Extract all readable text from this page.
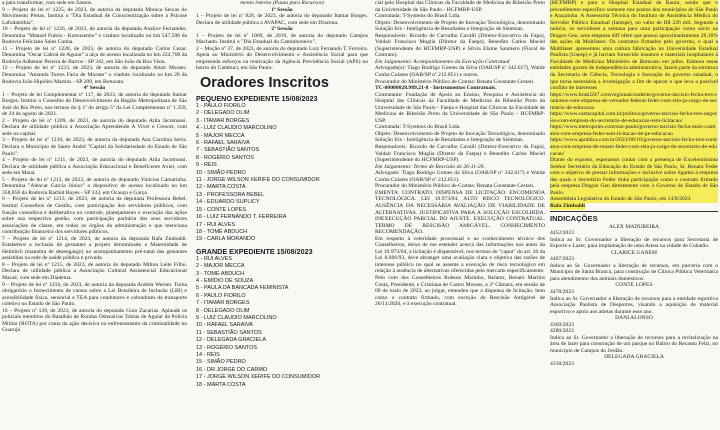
a para transformar, com sede em Santos.

9 – Projeto de lei nº 1225, de 2023, de autoria da deputada Monica Seixas do Movimento Pretas. Institui o "Dia Estadual de Conscientização sobre a Psicose Lafodamibia".

10 – Projeto de lei nº 1226, de 2023, de autoria da deputada Analice Fernandes. Denomina "Manoel Fumio - Kutsuzenho" o viaduto localizado no km 547,500 da Rodovia Feliciano Sales Cunha.

11 – Projeto de lei nº 1228, de 2023, de autoria do deputado Carlos Cezar. Denomina "Oscar Cabral de Aguiar" a alça de acesso localizada no km 224,700 da Rodovia Adhemar Pereira de Barros - SP 342, em São João da Boa Vista.

12 – Projeto de lei nº 1233, de 2023, de autoria do deputado Altair Moraes. Denomina "Amanda Torres Faria de Moraes" o viaduto localizado no km 20 da Rodovia João Hipólito Martins - SP 209, em Botucatu.

4ª Sessão

1 – Projeto de lei Complementar nº 117, de 2023, de autoria do deputado Itamar Borges. Institui o Conselho de Desenvolvimento da Região Metropolitana de São José do Rio Preto, nos termos do § 1º do artigo 5º da Lei Complementar nº 1.359, de 24 de agosto de 2021.

2 – Projeto de lei nº 1209, de 2023, de autoria do deputado Atila Jacomussi. Declara de utilidade pública a Associação Aprendendo A Viver e Crescer, com sede na capital.

3 – Projeto de lei nº 1210, de 2023, de autoria da deputada Ana Carolina Serra. Declara o Município de Santo André "Capital da Solidariedade do Estado de São Paulo".

4 – Projeto de lei nº 1211, de 2023, de autoria do deputado Atila Jacomussi. Declara de utilidade pública a Associação Educacional e Beneficente Axiel, com sede em Mauá.

5 – Projeto de lei nº 1212, de 2023, de autoria do deputado Vinicius Camarinha. Denomina "Alencar Garcia Júnior" o dispositivo de acesso localizado no km 358,858 da Rodovia Rachid Rayes - SP 333, em Ocauçu e Garça.

6 – Projeto de lei nº 1213, de 2023, de autoria da deputada Professora Bebel. Institui Conselhos de Gestão, com participação dos servidores públicos, com função consultiva e deliberativa no controle, planejamento e execução das ações sobre sua respectiva gestão, com participação paritária dos seus servidores associações de classe, em todos os órgãos da administração e que menciona contribuição financeira dos servidores públicos.

7 – Projeto de lei nº 1214, de 2023, de autoria da deputada Rafa Zimbaldi. Estabelece a inclusão de gestantes a projeto denominado a Maternidade de Heimlich (manobra de desengasgo) no acompanhamento pré-natal das gestantes assistidas na rede de saúde pública e privada.

8 – Projeto de lei nº 1215, de 2023, de autoria do deputado Milton Leite Filho. Declara de utilidade pública a Associação Cultural Assistencial Educacional Macaé, com sede em Diadema.

9 – Projeto de lei nº 1216, de 2023, de autoria da deputada Andréa Werner. Torna obrigatório o fornecimento de cursos sobre a Lei Brasileira de Inclusão (LBI) e acessibilidade física, sensorial e TEA para condutores e cobradores do transporte coletivo no Estado de São Paulo.

10 – Projeto nº 139, de 2023, de autoria do deputado Guto Zacarias. Aplaude os policiais membros do Batalhão de Rondas Ostensivas Tobias de Aguiar da Polícia Militar (ROTA) por conta da ação decisiva no enfrentamento da criminalidade no Guarujá

mento interno (Pauta para Recursos)

1ª Sessão

1 – Projeto de lei nº 828, de 2023, de autoria do deputado Itamar Borges. Declara de utilidade pública a AVAPAC, com sede em Dracena.

2ª Sessão

1 – Projeto de lei nº 1069, de 2019, de autoria do deputado Campos Machado. Institui o "Dia Estadual do Caminhoneiro".

2 – Moção nº 37, de 2023, de autoria do deputado Luiz Fernando T. Ferreira. Apela ao Ministério do Desenvolvimento e Assistência Social para que empreenda esforços na reativação da Agência Previdência Social (APS) no bairro do Cambuci, em São Paulo.

Oradores Inscritos
PEQUENO EXPEDIENTE 15/08/2023
1 - PAULO FIORILO
2 - DELEGADO OLIM
3 - ITAMAR BORGES
4 - LUIZ CLAUDIO MARCOLINO
5 - MAJOR MECCA
6 - RAFAEL SARAIVA
7 - SEBASTIÃO SANTOS
8 - ROGÉRIO SANTOS
9 - REIS
10 - SIMÃO PEDRO
11 - JORGE WILSON XERIFE DO CONSUMIDOR
12 - MARTA COSTA
13 - PROFESSORA BEBEL
14 - EDUARDO SUPLICY
15 - CONTE LOPES
16 - LUIZ FERNANDO T. FERREIRA
17 - RUI ALVES
18 - TOMÉ ABDUCH
19 - CARLA MORANDO
GRANDE EXPEDIENTE 15/08/2023
1 - RUI ALVES
2 - MAJOR MECCA
3 - TOMÉ ABDUCH
4 - EMÍDIO DE SOUZA
5 - PAULA DA BANCADA FEMINISTA
6 - PAULO FIORILO
7 - ITAMAR BORGES
8 - DELEGADO OLIM
9 - LUIZ CLAUDIO MARCOLINO
10 - RAFAEL SARAIVA
11 - SEBASTIÃO SANTOS
12 - DELEGADA GRACIELA
13 - ROGÉRIO SANTOS
14 - REIS
15 - SIMÃO PEDRO
16 - DR JORGE DO CARMO
17 - JORGE WILSON XERIFE DO CONSUMIDOR
18 - MARTA COSTA

cial pelo Hospital das Clínicas da Faculdade de Medicina de Ribeirão Preto da Universidade de São Paulo - HCFMRP-USP.

Contratada: T-Systems do Brasil Ltda.

Objeto: Desenvolvimento de Projeto de Inovação Tecnológica, denominado Solução Iris - Inteligência de Resultados e Integração de Sistemas.

Responsáveis: Ricardo de Carvalho Cavalli (Diretor-Executivo da Fapa), Valdair Francisco Muglia (Diretor da Faepa), Benedito Carlos Maciel (Superintendente do HCFMRP-USP) e Silvia Elaine Sanmero (Fiscal de Contrato).

Em Julgamento: Acompanhamento da Execução Contratual

Advogado(s): Tiago Rodrigo Gomes da Silva (OAB/SP nº 342.617), Walde Cunha Colares (OAB/SP nº 212.851) e outros.

Procurador do Ministério Público de Contas: Renata Constante Cestari.

TC-00000028.989.21-8 - Instrumentos Contratuais.

Contratante: Fundação de Apoio ao Ensino, Pesquisa e Assistência do Hospital das Clínicas da Faculdade de Medicina de Ribeirão Preto da Universidade de São Paulo - Faepa e Hospital das Clínicas da Faculdade de Medicina de Ribeirão Preto da Universidade de São Paulo - HCFMRP-USP.

Contratada: T-Systems do Brasil Ltda.

Objeto: Desenvolvimento de Projeto de Inovação Tecnológica, denominado Solução Iris - Inteligência de Resultados e Integração de Sistemas.

Responsáveis: Ricardo de Carvalho Cavalli (Diretor-Executivo da Fapa), Valdair Francisco Muglia (Diretor da Faepa) e Benedito Carlos Maciel (Superintendente do HCFMRP-USP).

Em Julgamento: Termo de Rescisão de 26-11-20.

Advogado: Tiago Rodrigo Gomes da Silva (OAB/SP nº 342.617) e Walde Cunha Colares (OAB/SP nº 212.851).

Procurador do Ministério Público de Contas: Renata Constante Cestari.

EMENTA: CONTRATO. DISPENSA DE LICITAÇÃO. ENCOMENDA TECNOLÓGICA. LEI 10.973/04. ALTO RISCO TECNOLÓGICO. AUSÊNCIA DA NECESSÁRIA AVALIAÇÃO DE VIABILIDADE DE ALTERNATIVAS. JUSTIFICATIVA PARA A SOLUÇÃO ESCOLHIDA. INEXECUÇÃO PARCIAL DO AJUSTE. EXECUÇÃO CONTRATUAL. TERMO DE RESCISÃO AMIGÁVEL. CONHECIMENTO RECOMENDAÇÃO.

Em respeito à celeridade processual e ao conhecimento técnico dos Conselheiros, deixo de me estender acerca das informações nos autos da Lei 10.973/04, a licitação é dispensável, nos termos do "caput" do art. 20 da Lei 8.666/93, deve abranger uma avaliação clara e objetiva das razões de interesse público no qual se assente a execução de risco tecnológico em relação à ausência de alternativas oferecidas pelo mercado especificamente.

Pelo voto dos Conselheiros Robson Marinho, Relator, Renato Martins Costa, Presidente, e Cristiana de Castro Moraes, a 2ª Câmara, em sessão de 09 de maio de 2023, ao julgar, entendeu que a dispensa de licitação, bem como o contrato firmado, com exceção de Rescisão Amigável de 26/11/2020, e à execução contratual.

(HCFMRP) e para o Hospital Estadual de Bauru, sendo que o procedimento específico somente nos postos dos municípios de São Paulo e Araçatuba. A Assessoria Técnica do Instituto de Assistência Médica do Servidor Público Estadual (Iamspe), no valor de R$ 226 mil. Segundo a notícia, os servidores a semana para uma participação como sócio na Dragon Gen, uma empresa diff ofere que possui aproximadamente 28,16% das ações da Multilaser. Os contratos firmados pelo governo, o qual a Multilaser apresentou uma cultura fabricação na Universidade Estadual Paulista (Unesp) e já haviam fornecido insumos e materiais hospitalares à Faculdade de Medicina Ministério de Botucatu em julho. Embora essas entidades gozem de independência administrativa, fazem parte da estrutura da Secretaria de Ciência, Tecnologia e Inovação do governo estadual, o que torna necessária a investigação a fim de apurar o que leva a possível conflito de interesses

https://www.brasil247.com/regionais/sudeste/governo-tarcisio-fecha-tres-contratos-com-empresa-de-vereador-federal-feder-com-rela-ja-cargo-de-secretario-de-educacao

https://www.cartacapital.com.br/politica/governo-tarcisio-fecha-tres-negocios-com-empresa-do-secretario-de-educacao-sem-licitacao/

https://www.metropoles.com/sao-paulo/governo-tarcisio-fecha-mais-contratos-com-empresa-feder-sem-licitacao-de-pe-educacao

https://www.apublica.com.br/2023/08/10/governo-tarcisio-fecha-tres-contratos-com-empresa-de-renato-feder-com-rela-ja-cargo-de-secretario-de-educacao/

Diante do exposto, esperamos contar com a presença de Excelentíssimo Senhor Secretário da Educação do Estado de São Paulo, Sr. Renato Feder com o objetivo de prestar informações e inclusive sobre ligados à empresa das quais o Secretário Feder tinha participação como o contrato firmado pela empresa Dragon Gen diretamente com o Governo do Estado de São Paulo.

Assembleia Legislativa do Estado de São Paulo, em 14/8/2023.

Rafa Zimbaldi

INDICAÇÕES

ALEX MADUREIRA

4452/2023

Indica ao Sr. Governador a liberação de recursos para Secretaria de Esporte e Lazer, para implantação de uma Arena na cidade de Cubatão.

CLARICE GANEM

4467/2023

Indica ao Sr. Governador a liberação de recursos, em parceria com o Município de Santa Branca, para construção de Clínica Pública Veterinária para atendimento dos animais domésticos.

CONTE LOPES

4478/2023

Indica ao Sr. Governador a liberação de recursos para a entidade esportiva Associação Paulista de Desportos, visando a aquisição de material esportivo e apoio aos atletas durante esse ano.

DANI ALONSO

4369/2023

4280/2023

Indica ao Sr. Governador a liberação de recursos para a revitalização na área de lazer para construção de um parque no Bairro do Recanto Feliz, no município de Campos do Jordão.

DELEGADA GRACIELA

4318/2023
